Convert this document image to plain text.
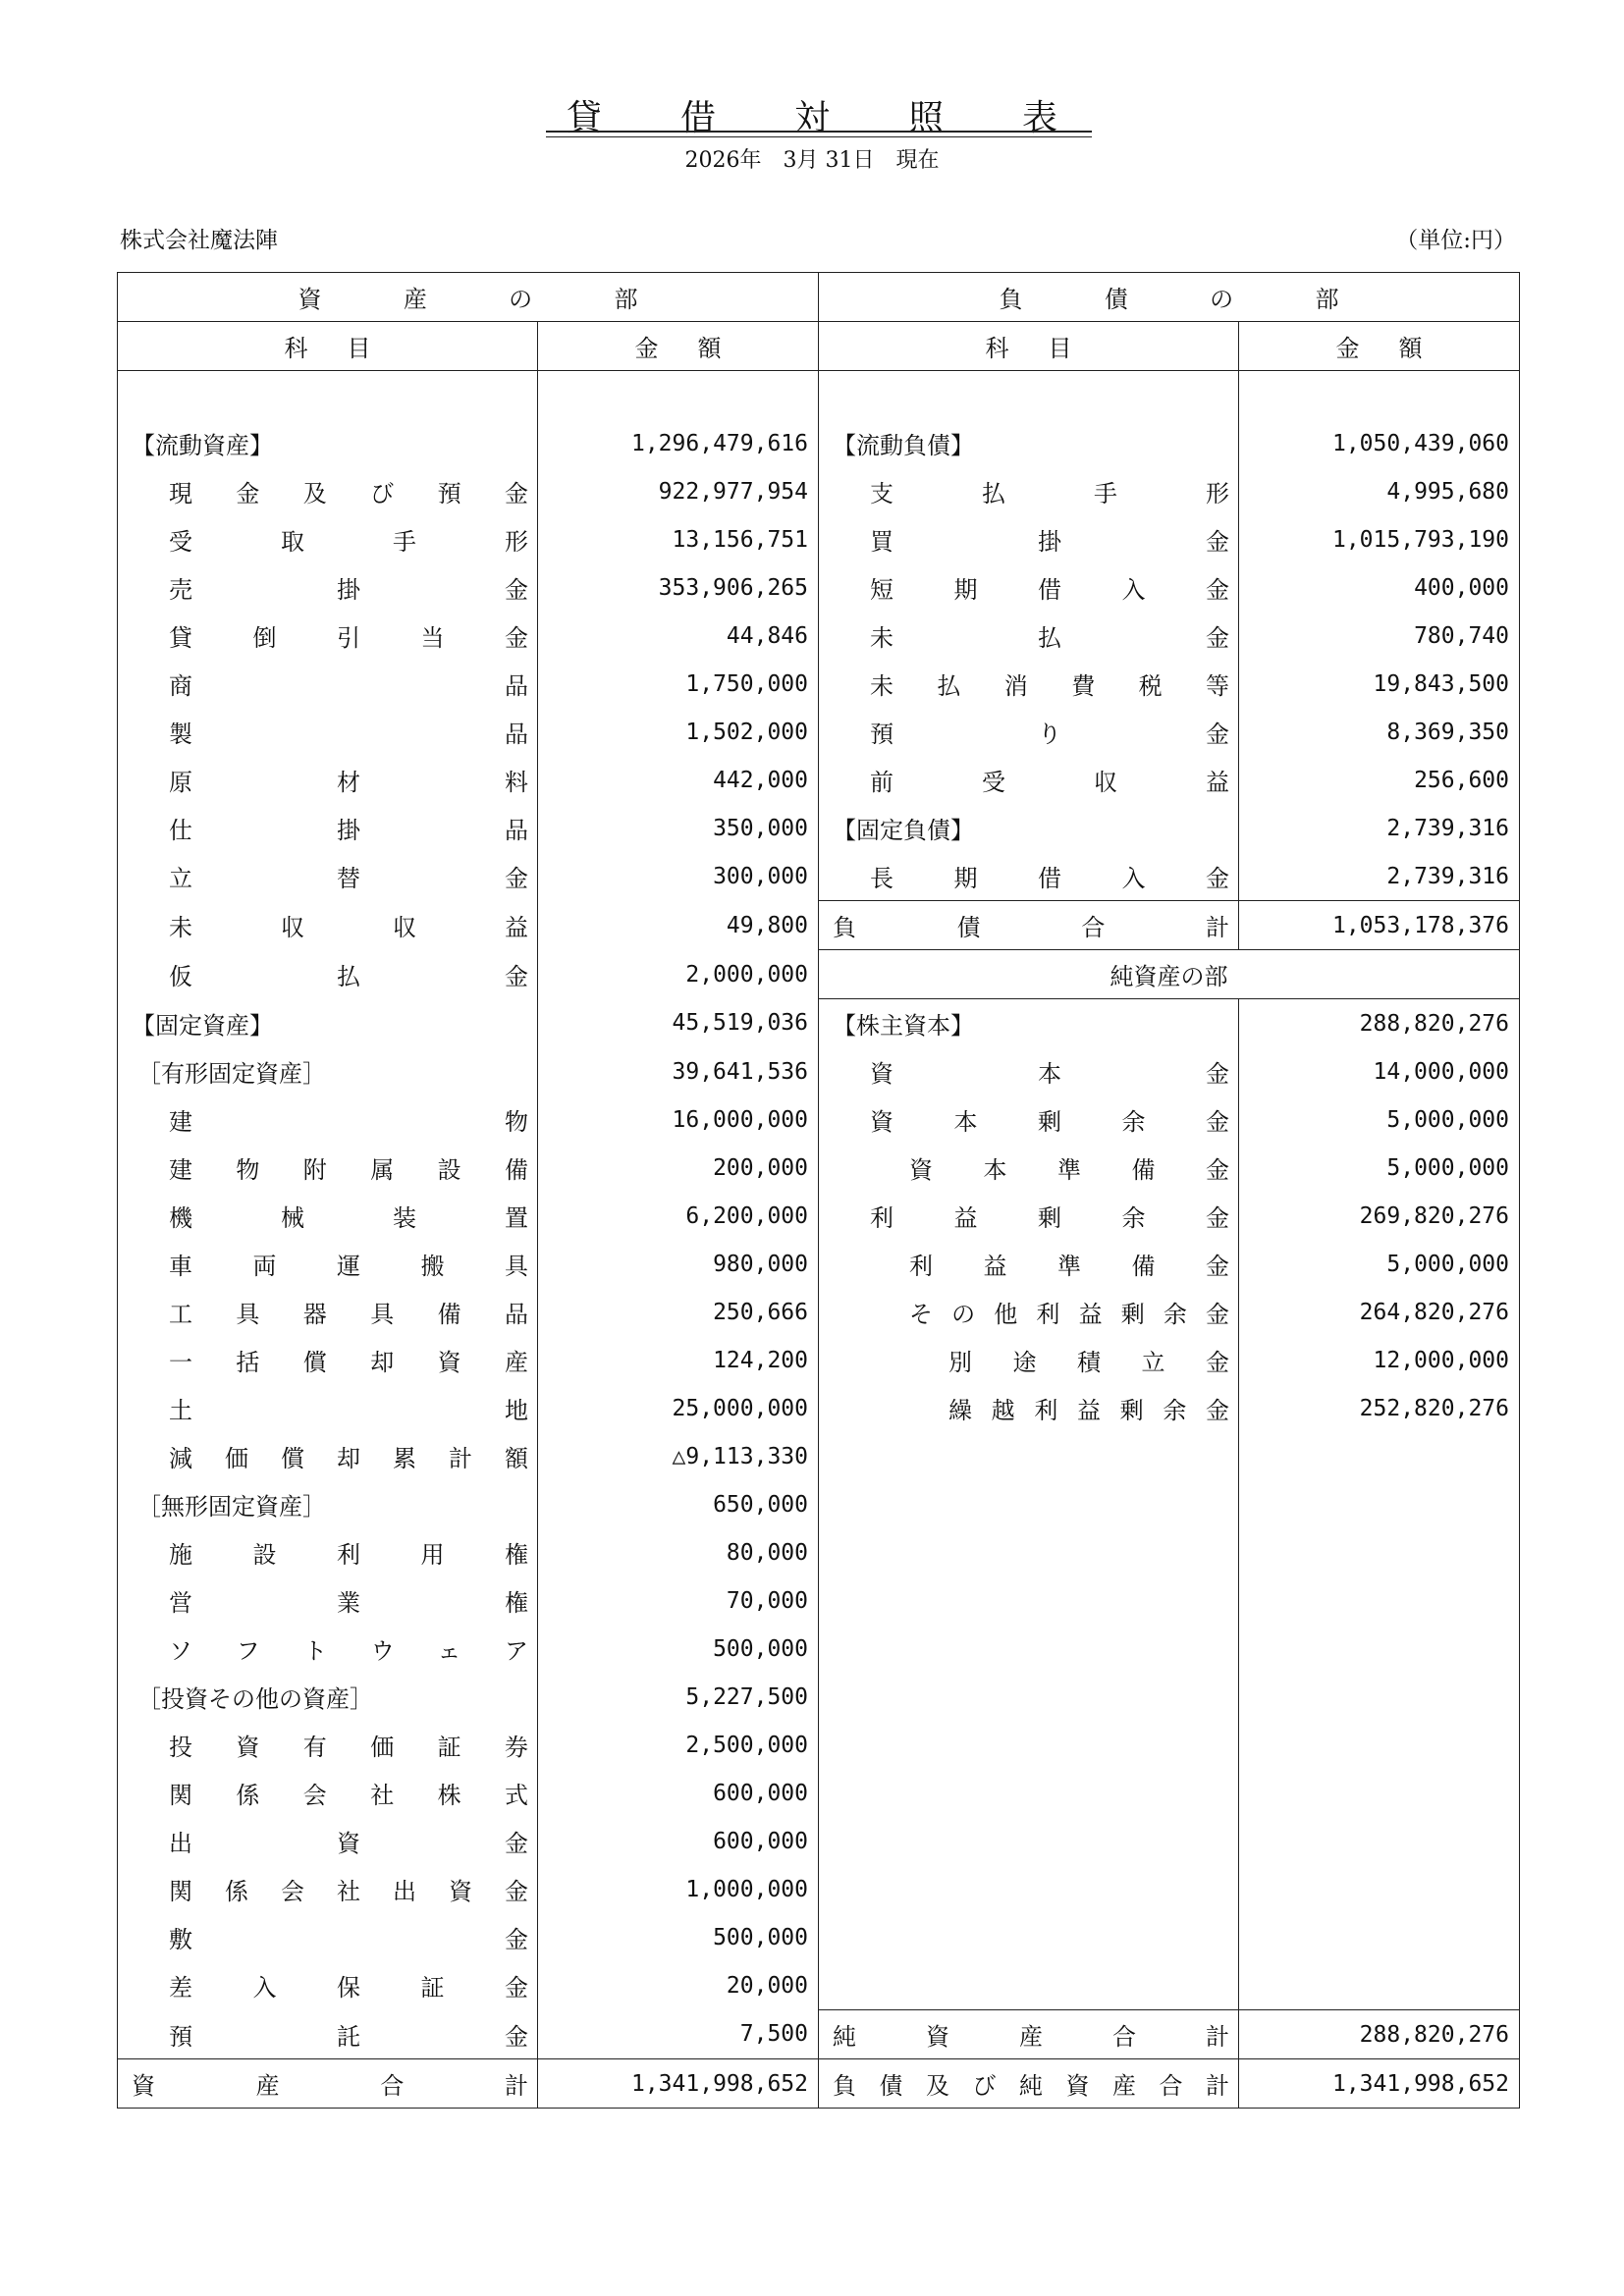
貸借対照表
2026年　3月 31日　現在
株式会社魔法陣	（単位:円）
資産の部		負債の部	
科目	金額	科目	金額

【流動資産】	1,296,479,616	【流動負債】	1,050,439,060

現金及び預金	922,977,954	支払手形	4,995,680

受取手形	13,156,751	買掛金	1,015,793,190

売掛金	353,906,265	短期借入金	400,000

貸倒引当金	44,846	未払金	780,740

商品	1,750,000	未払消費税等	19,843,500

製品	1,502,000	預り金	8,369,350

原材料	442,000	前受収益	256,600

仕掛品	350,000	【固定負債】	2,739,316

立替金	300,000	長期借入金	2,739,316

未収収益	49,800	負債合計	1,053,178,376

仮払金	2,000,000	純資産の部	

【固定資産】	45,519,036	【株主資本】	288,820,276

［有形固定資産］	39,641,536	資本金	14,000,000

建物	16,000,000	資本剰余金	5,000,000

建物附属設備	200,000	資本準備金	5,000,000

機械装置	6,200,000	利益剰余金	269,820,276

車両運搬具	980,000	利益準備金	5,000,000

工具器具備品	250,666	その他利益剰余金	264,820,276

一括償却資産	124,200	別途積立金	12,000,000

土地	25,000,000	繰越利益剰余金	252,820,276

減価償却累計額	△9,113,330		

［無形固定資産］	650,000		

施設利用権	80,000		

営業権	70,000		

ソフトウェア	500,000		

［投資その他の資産］	5,227,500		

投資有価証券	2,500,000		

関係会社株式	600,000		

出資金	600,000		

関係会社出資金	1,000,000		

敷金	500,000		

差入保証金	20,000		

預託金	7,500	純資産合計	288,820,276

資産合計	1,341,998,652	負債及び純資産合計	1,341,998,652
